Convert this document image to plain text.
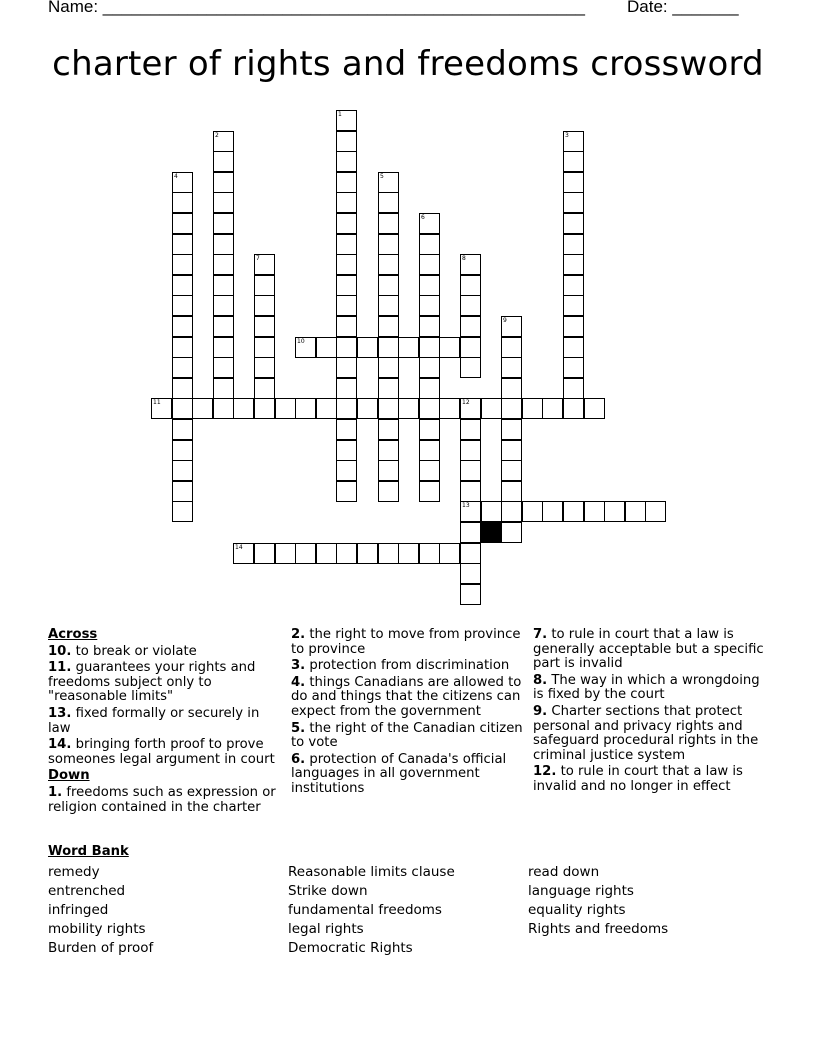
Name: ___________________________________________________ Date: _______
charter of rights and freedoms crossword
1
2	3
4	5
6
7	8
9
10
11	12
13
14
Across
10. to break or violate
11. guarantees your rights and freedoms subject only to "reasonable limits"
13. fixed formally or securely in law
14. bringing forth proof to prove someones legal argument in court
Down
1. freedoms such as expression or religion contained in the charter
2. the right to move from province to province
3. protection from discrimination
4. things Canadians are allowed to do and things that the citizens can expect from the government
5. the right of the Canadian citizen to vote
6. protection of Canada's official languages in all government institutions
7. to rule in court that a law is generally acceptable but a specific part is invalid
8. The way in which a wrongdoing is fixed by the court
9. Charter sections that protect personal and privacy rights and safeguard procedural rights in the criminal justice system
12. to rule in court that a law is invalid and no longer in effect
Word Bank
remedy
entrenched
infringed
mobility rights
Burden of proof
Reasonable limits clause
Strike down
fundamental freedoms
legal rights
Democratic Rights
read down
language rights
equality rights
Rights and freedoms
